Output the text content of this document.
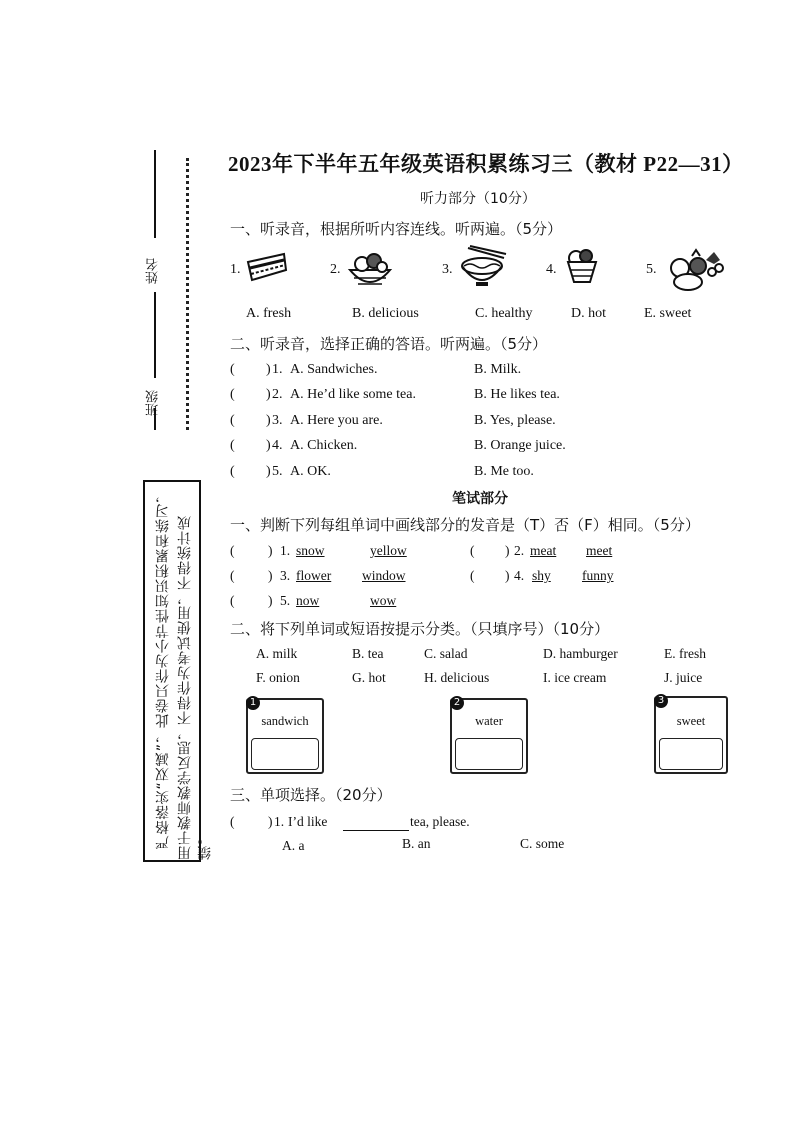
姓名
班级
严格落实“双减”，此卷只作为小节性知识积累和练习， 用于教师教学反思，不得作为考试使用，不得统计成绩。
2023年下半年五年级英语积累练习三（教材 P22—31）
听力部分（10分）
一、听录音，根据所听内容连线。听两遍。（5分）
1.	2.	3.	4.	5.
A. fresh	B. delicious	C. healthy	D. hot	E. sweet
二、听录音，选择正确的答语。听两遍。（5分）
( ) 1. A. Sandwiches.	B. Milk.
( ) 2. A. He’d like some tea.	B. He likes tea.
( ) 3. A. Here you are.	B. Yes, please.
( ) 4. A. Chicken.	B. Orange juice.
( ) 5. A. OK.	B. Me too.
笔试部分
一、判断下列每组单词中画线部分的发音是（T）否（F）相同。（5分）
( ) 1. snow	yellow	( ) 2. meat meet
( ) 3. flower window	( ) 4. shy funny
( ) 5. now	wow
二、将下列单词或短语按提示分类。（只填序号）（10分）
A. milk	B. tea	C. salad	D. hamburger	E. fresh
F. onion	G. hot	H. delicious	I. ice cream	J. juice
1
sandwich
2
water
3
sweet
三、单项选择。（20分）
( ) 1. I’d like
	tea, please.
A. a	B. an	C. some
